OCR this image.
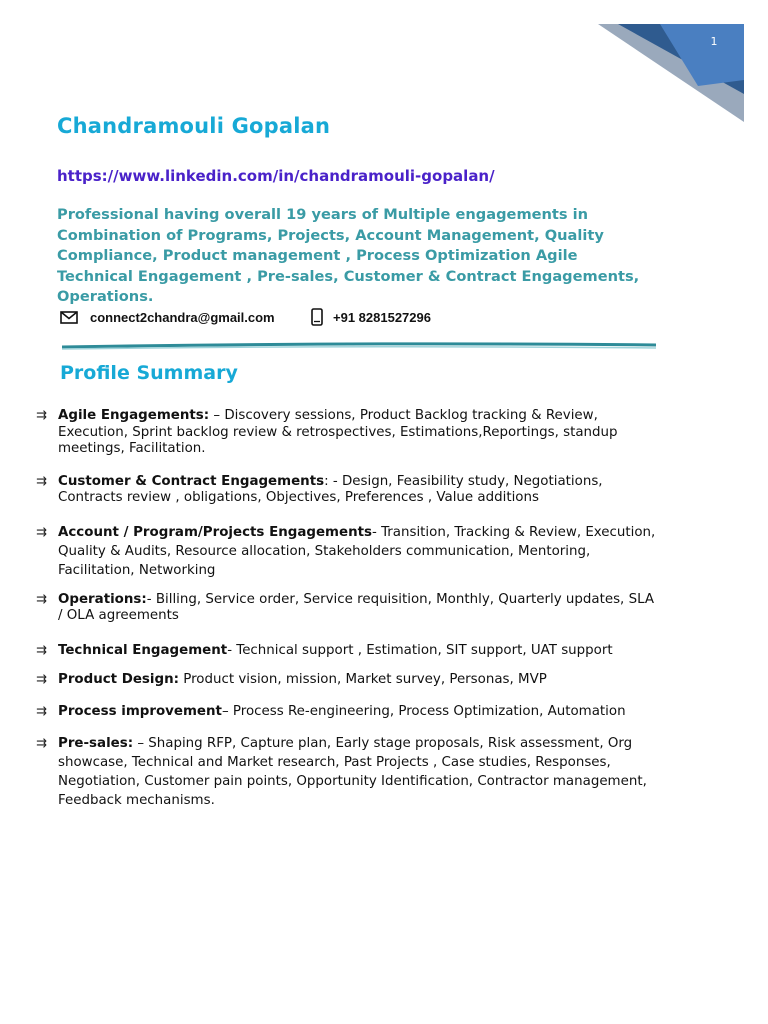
1
Chandramouli Gopalan
https://www.linkedin.com/in/chandramouli-gopalan/
Professional having overall 19 years of Multiple engagements in Combination of Programs, Projects, Account Management, Quality Compliance, Product management , Process Optimization Agile Technical Engagement , Pre-sales, Customer & Contract Engagements, Operations.
connect2chandra@gmail.com	+91 8281527296
Profile Summary
⇉ Agile Engagements: – Discovery sessions, Product Backlog tracking & Review, Execution, Sprint backlog review & retrospectives, Estimations,Reportings, standup meetings, Facilitation.
⇉ Customer & Contract Engagements: - Design, Feasibility study, Negotiations, Contracts review , obligations, Objectives, Preferences , Value additions
⇉ Account / Program/Projects Engagements- Transition, Tracking & Review, Execution, Quality & Audits, Resource allocation, Stakeholders communication, Mentoring, Facilitation, Networking
⇉ Operations:- Billing, Service order, Service requisition, Monthly, Quarterly updates, SLA / OLA agreements
⇉ Technical Engagement- Technical support , Estimation, SIT support, UAT support
⇉ Product Design: Product vision, mission, Market survey, Personas, MVP
⇉ Process improvement– Process Re-engineering, Process Optimization, Automation
⇉ Pre-sales: – Shaping RFP, Capture plan, Early stage proposals, Risk assessment, Org showcase, Technical and Market research, Past Projects , Case studies, Responses, Negotiation, Customer pain points, Opportunity Identification, Contractor management, Feedback mechanisms.
